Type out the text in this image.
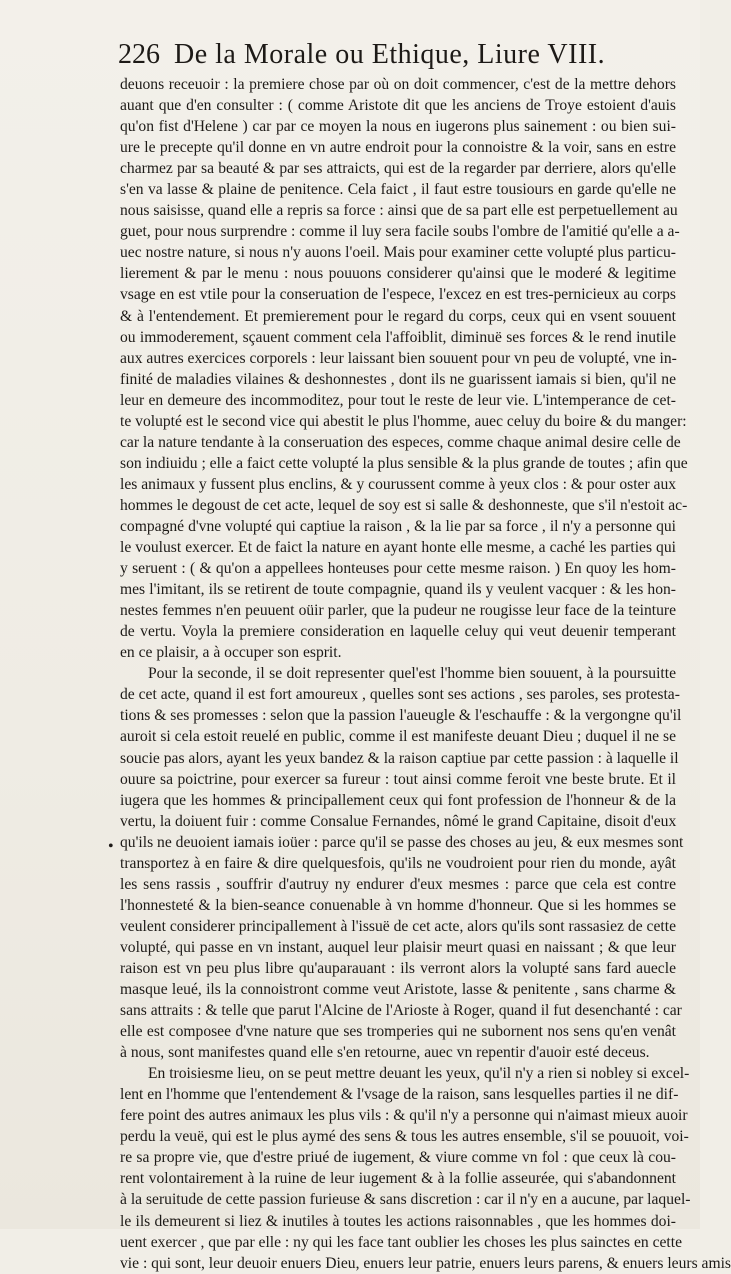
226 De la Morale ou Ethique, Liure VIII.
•
deuons receuoir : la premiere chose par où on doit commencer, c'est de la mettre dehors
auant que d'en consulter : ( comme Aristote dit que les anciens de Troye estoient d'auis
qu'on fist d'Helene ) car par ce moyen la nous en iugerons plus sainement : ou bien sui-
ure le precepte qu'il donne en vn autre endroit pour la connoistre & la voir, sans en estre
charmez par sa beauté & par ses attraicts, qui est de la regarder par derriere, alors qu'elle
s'en va lasse & plaine de penitence. Cela faict , il faut estre tousiours en garde qu'elle ne
nous saisisse, quand elle a repris sa force : ainsi que de sa part elle est perpetuellement au
guet, pour nous surprendre : comme il luy sera facile soubs l'ombre de l'amitié qu'elle a a-
uec nostre nature, si nous n'y auons l'oeil. Mais pour examiner cette volupté plus particu-
lierement & par le menu : nous pouuons considerer qu'ainsi que le moderé & legitime
vsage en est vtile pour la conseruation de l'espece, l'excez en est tres-pernicieux au corps
& à l'entendement. Et premierement pour le regard du corps, ceux qui en vsent souuent
ou immoderement, sçauent comment cela l'affoiblit, diminuë ses forces & le rend inutile
aux autres exercices corporels : leur laissant bien souuent pour vn peu de volupté, vne in-
finité de maladies vilaines & deshonnestes , dont ils ne guarissent iamais si bien, qu'il ne
leur en demeure des incommoditez, pour tout le reste de leur vie. L'intemperance de cet-
te volupté est le second vice qui abestit le plus l'homme, auec celuy du boire & du manger:
car la nature tendante à la conseruation des especes, comme chaque animal desire celle de
son indiuidu ; elle a faict cette volupté la plus sensible & la plus grande de toutes ; afin que
les animaux y fussent plus enclins, & y courussent comme à yeux clos : & pour oster aux
hommes le degoust de cet acte, lequel de soy est si salle & deshonneste, que s'il n'estoit ac-
compagné d'vne volupté qui captiue la raison , & la lie par sa force , il n'y a personne qui
le voulust exercer. Et de faict la nature en ayant honte elle mesme, a caché les parties qui
y seruent : ( & qu'on a appellees honteuses pour cette mesme raison. ) En quoy les hom-
mes l'imitant, ils se retirent de toute compagnie, quand ils y veulent vacquer : & les hon-
nestes femmes n'en peuuent oüir parler, que la pudeur ne rougisse leur face de la teinture
de vertu. Voyla la premiere consideration en laquelle celuy qui veut deuenir temperant
en ce plaisir, a à occuper son esprit.
Pour la seconde, il se doit representer quel'est l'homme bien souuent, à la poursuitte
de cet acte, quand il est fort amoureux , quelles sont ses actions , ses paroles, ses protesta-
tions & ses promesses : selon que la passion l'aueugle & l'eschauffe : & la vergongne qu'il
auroit si cela estoit reuelé en public, comme il est manifeste deuant Dieu ; duquel il ne se
soucie pas alors, ayant les yeux bandez & la raison captiue par cette passion : à laquelle il
ouure sa poictrine, pour exercer sa fureur : tout ainsi comme feroit vne beste brute. Et il
iugera que les hommes & principallement ceux qui font profession de l'honneur & de la
vertu, la doiuent fuir : comme Consalue Fernandes, nômé le grand Capitaine, disoit d'eux
qu'ils ne deuoient iamais ioüer : parce qu'il se passe des choses au jeu, & eux mesmes sont
transportez à en faire & dire quelquesfois, qu'ils ne voudroient pour rien du monde, ayât
les sens rassis , souffrir d'autruy ny endurer d'eux mesmes : parce que cela est contre
l'honnesteté & la bien-seance conuenable à vn homme d'honneur. Que si les hommes se
veulent considerer principallement à l'issuë de cet acte, alors qu'ils sont rassasiez de cette
volupté, qui passe en vn instant, auquel leur plaisir meurt quasi en naissant ; & que leur
raison est vn peu plus libre qu'auparauant : ils verront alors la volupté sans fard auecle
masque leué, ils la connoistront comme veut Aristote, lasse & penitente , sans charme &
sans attraits : & telle que parut l'Alcine de l'Arioste à Roger, quand il fut desenchanté : car
elle est composee d'vne nature que ses tromperies qui ne subornent nos sens qu'en venât
à nous, sont manifestes quand elle s'en retourne, auec vn repentir d'auoir esté deceus.
En troisiesme lieu, on se peut mettre deuant les yeux, qu'il n'y a rien si nobley si excel-
lent en l'homme que l'entendement & l'vsage de la raison, sans lesquelles parties il ne dif-
fere point des autres animaux les plus vils : & qu'il n'y a personne qui n'aimast mieux auoir
perdu la veuë, qui est le plus aymé des sens & tous les autres ensemble, s'il se pouuoit, voi-
re sa propre vie, que d'estre priué de iugement, & viure comme vn fol : que ceux là cou-
rent volontairement à la ruine de leur iugement & à la follie asseurée, qui s'abandonnent
à la seruitude de cette passion furieuse & sans discretion : car il n'y en a aucune, par laquel-
le ils demeurent si liez & inutiles à toutes les actions raisonnables , que les hommes doi-
uent exercer , que par elle : ny qui les face tant oublier les choses les plus sainctes en cette
vie : qui sont, leur deuoir enuers Dieu, enuers leur patrie, enuers leurs parens, & enuers leurs amis
